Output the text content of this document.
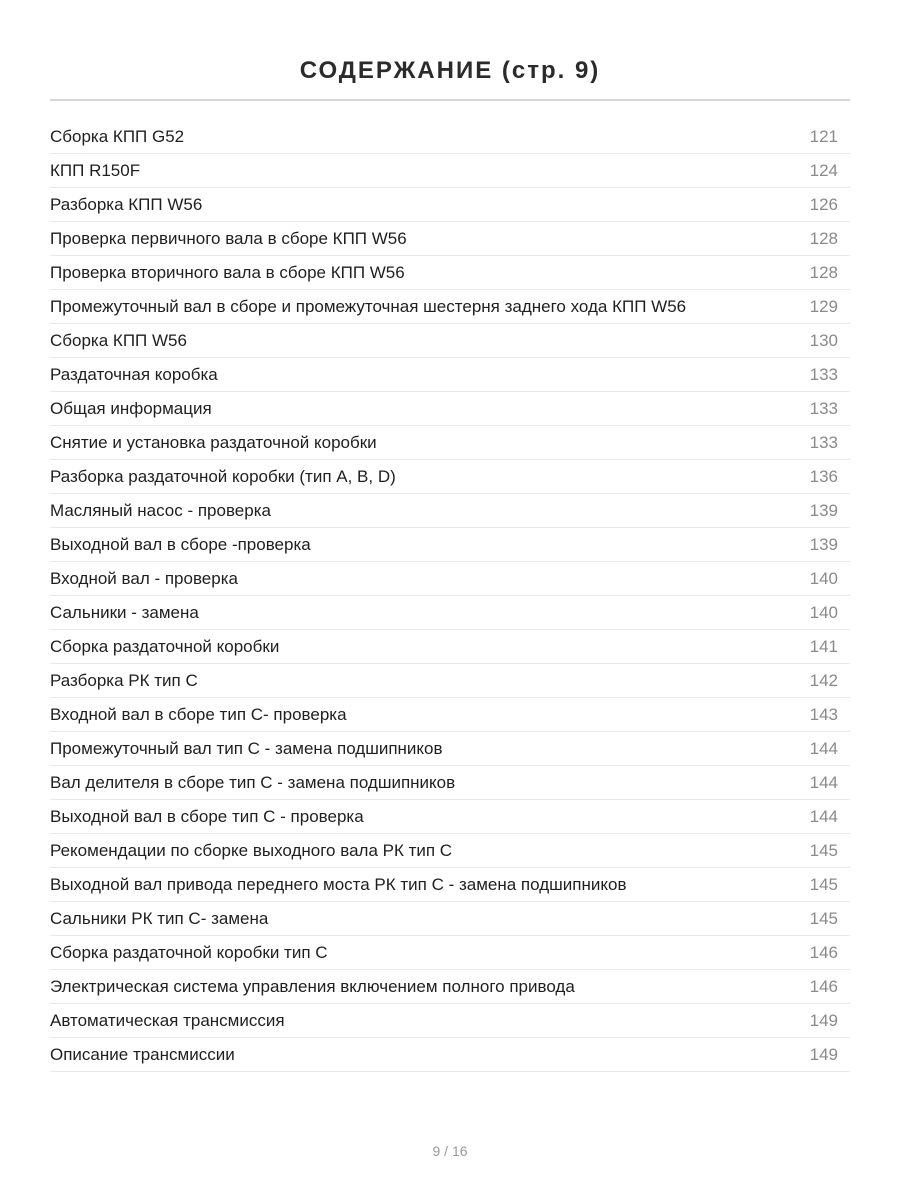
СОДЕРЖАНИЕ (стр. 9)
Сборка КПП G52	121
КПП R150F	124
Разборка КПП W56	126
Проверка первичного вала в сборе КПП W56	128
Проверка вторичного вала в сборе КПП W56	128
Промежуточный вал в сборе и промежуточная шестерня заднего хода КПП W56	129
Сборка КПП W56	130
Раздаточная коробка	133
Общая информация	133
Снятие и установка раздаточной коробки	133
Разборка раздаточной коробки (тип A, B, D)	136
Масляный насос - проверка	139
Выходной вал в сборе -проверка	139
Входной вал - проверка	140
Сальники - замена	140
Сборка раздаточной коробки	141
Разборка РК тип С	142
Входной вал в сборе тип С- проверка	143
Промежуточный вал тип С - замена подшипников	144
Вал делителя в сборе тип С - замена подшипников	144
Выходной вал в сборе тип С - проверка	144
Рекомендации по сборке выходного вала РК тип С	145
Выходной вал привода переднего моста РК тип С - замена подшипников	145
Сальники РК тип С- замена	145
Сборка раздаточной коробки тип С	146
Электрическая система управления включением полного привода	146
Автоматическая трансмиссия	149
Описание трансмиссии	149
9 / 16
